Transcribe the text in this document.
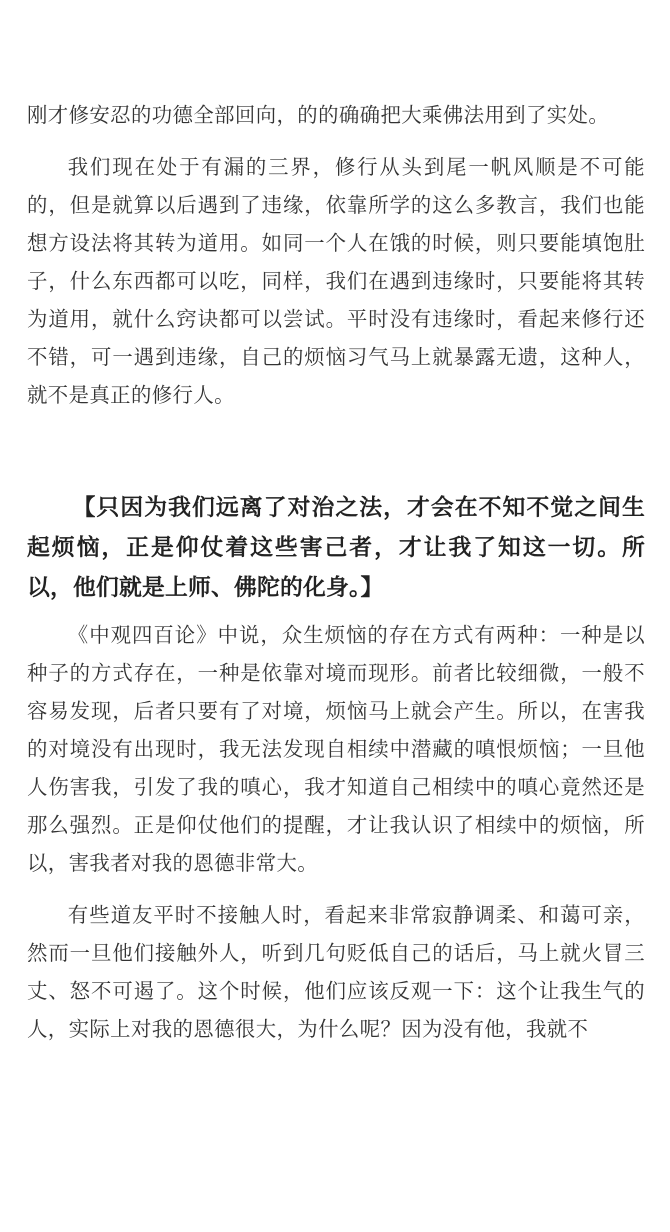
刚才修安忍的功德全部回向，的的确确把大乘佛法用到了实处。

我们现在处于有漏的三界，修行从头到尾一帆风顺是不可能的，但是就算以后遇到了违缘，依靠所学的这么多教言，我们也能想方设法将其转为道用。如同一个人在饿的时候，则只要能填饱肚子，什么东西都可以吃，同样，我们在遇到违缘时，只要能将其转为道用，就什么窍诀都可以尝试。平时没有违缘时，看起来修行还不错，可一遇到违缘，自己的烦恼习气马上就暴露无遗，这种人，就不是真正的修行人。

【只因为我们远离了对治之法，才会在不知不觉之间生起烦恼，正是仰仗着这些害己者，才让我了知这一切。所以，他们就是上师、佛陀的化身。】

《中观四百论》中说，众生烦恼的存在方式有两种：一种是以种子的方式存在，一种是依靠对境而现形。前者比较细微，一般不容易发现，后者只要有了对境，烦恼马上就会产生。所以，在害我的对境没有出现时，我无法发现自相续中潜藏的嗔恨烦恼；一旦他人伤害我，引发了我的嗔心，我才知道自己相续中的嗔心竟然还是那么强烈。正是仰仗他们的提醒，才让我认识了相续中的烦恼，所以，害我者对我的恩德非常大。

有些道友平时不接触人时，看起来非常寂静调柔、和蔼可亲，然而一旦他们接触外人，听到几句贬低自己的话后，马上就火冒三丈、怒不可遏了。这个时候，他们应该反观一下：这个让我生气的人，实际上对我的恩德很大，为什么呢？因为没有他，我就不
